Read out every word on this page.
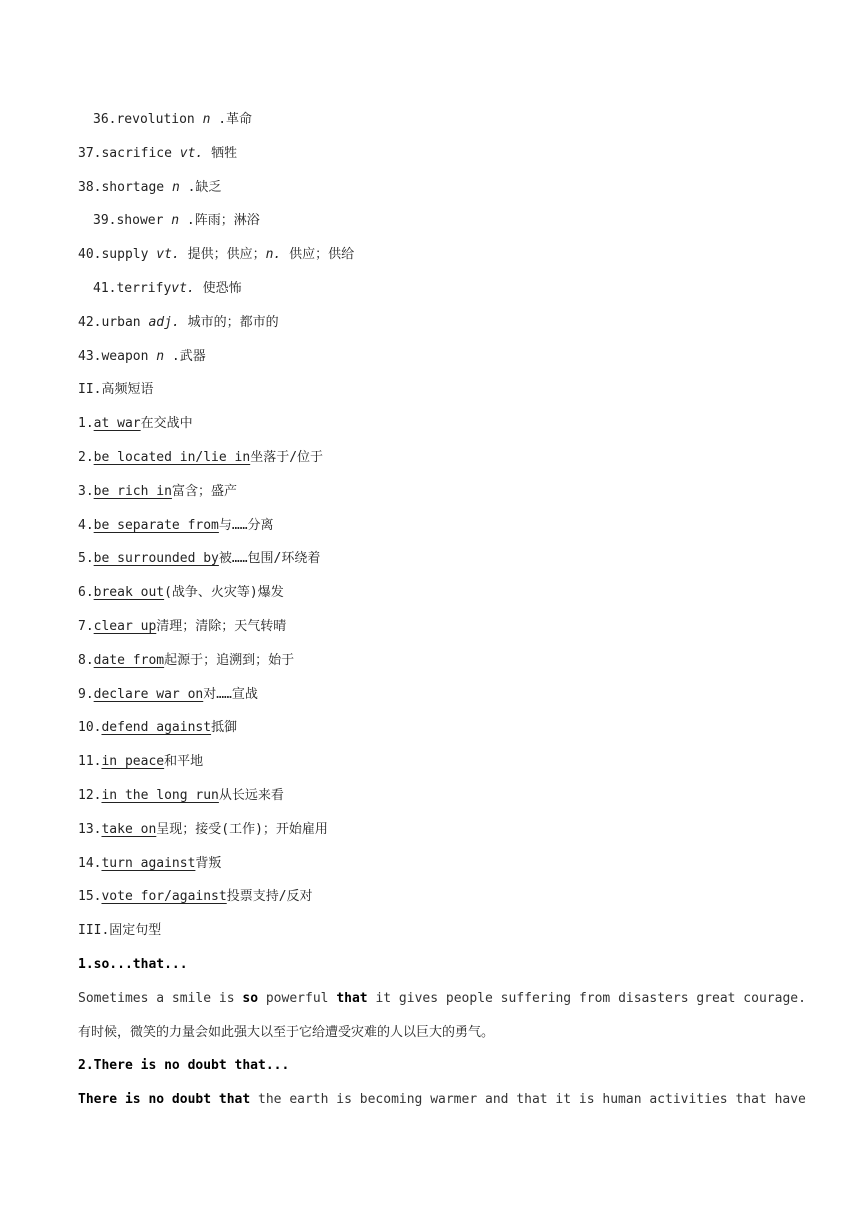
36.revolution n .革命
37.sacrifice vt. 牺牲
38.shortage n .缺乏
39.shower n .阵雨；淋浴
40.supply vt. 提供；供应；n. 供应；供给
41.terrifyvt. 使恐怖
42.urban adj. 城市的；都市的
43.weapon n .武器
II.高频短语
1.at war在交战中
2.be located in/lie in坐落于/位于
3.be rich in富含；盛产
4.be separate from与……分离
5.be surrounded by被……包围/环绕着
6.break out(战争、火灾等)爆发
7.clear up清理；清除；天气转晴
8.date from起源于；追溯到；始于
9.declare war on对……宣战
10.defend against抵御
11.in peace和平地
12.in the long run从长远来看
13.take on呈现；接受(工作)；开始雇用
14.turn against背叛
15.vote for/against投票支持/反对
III.固定句型
1.so...that...
Sometimes a smile is so powerful that it gives people suffering from disasters great courage.
有时候，微笑的力量会如此强大以至于它给遭受灾难的人以巨大的勇气。
2.There is no doubt that...
There is no doubt that the earth is becoming warmer and that it is human activities that have
